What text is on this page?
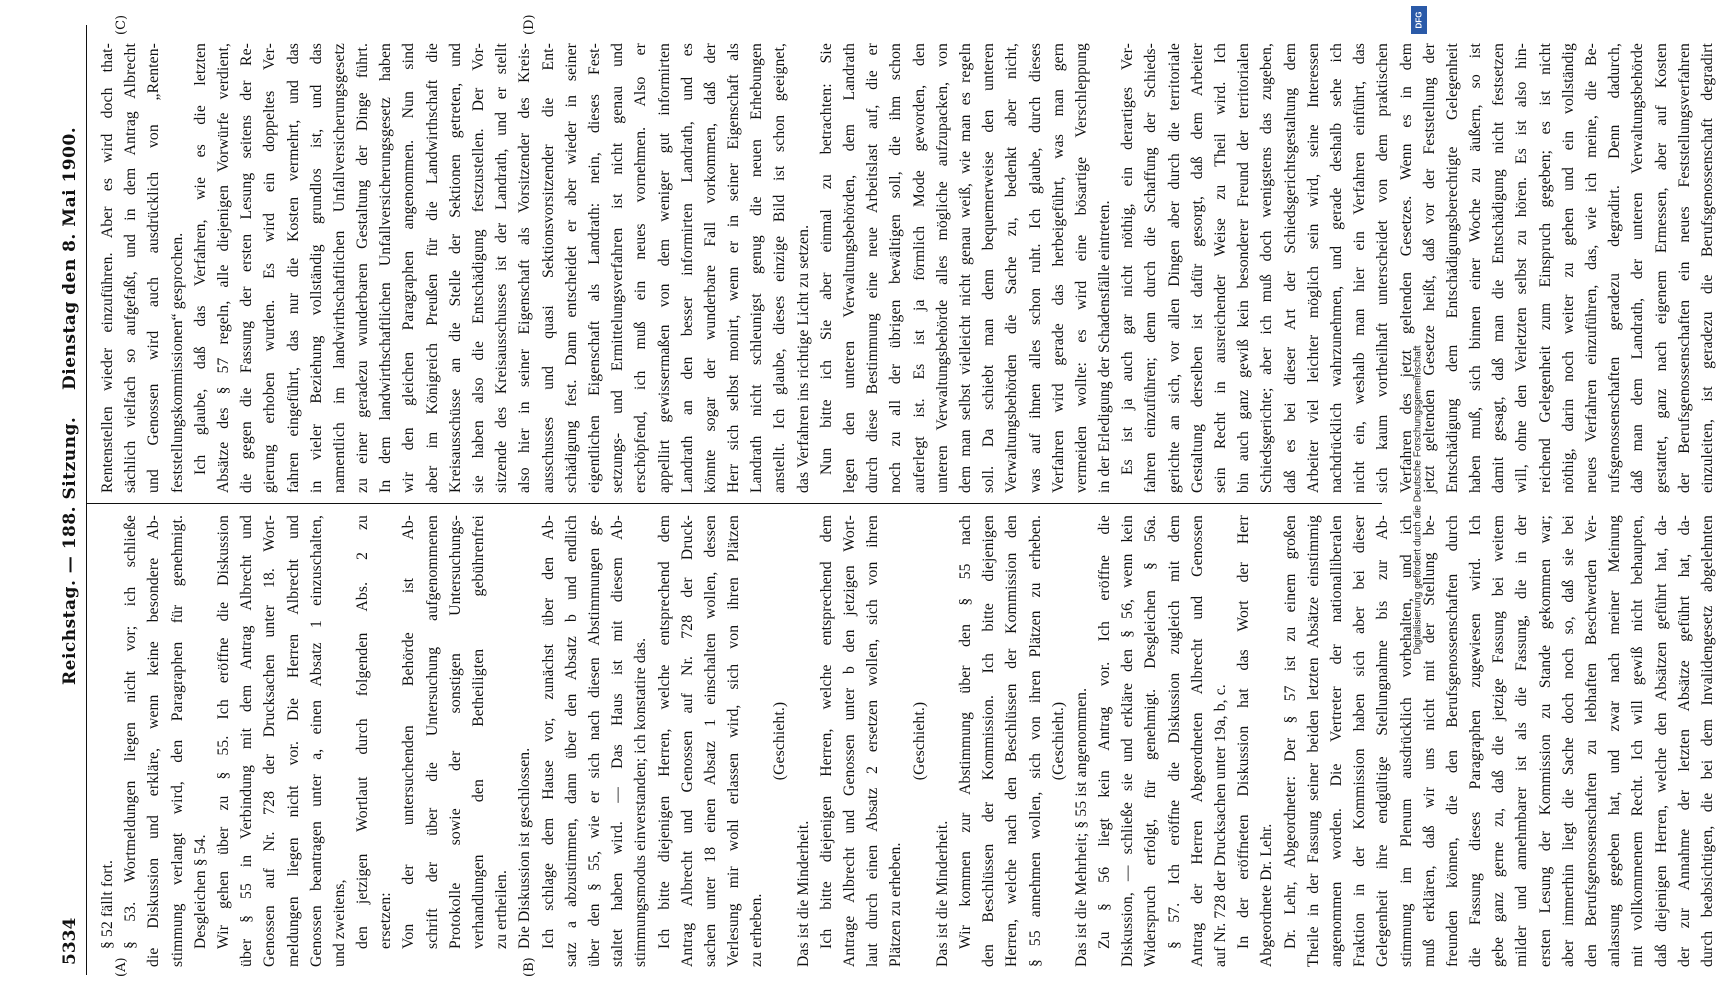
Digitalisierung gefördert durch die Deutsche Forschungsgemeinschaft
DFG
5334
Reichstag. — 188. Sitzung.
Dienstag den 8. Mai 1900.
(A)	(B)
(C)	(D)
§ 52 fällt fort. § 53. Wortmeldungen liegen nicht vor; ich schließe die Diskussion und erkläre, wenn keine besondere Ab- stimmung verlangt wird, den Paragraphen für genehmigt. Desgleichen § 54. Wir gehen über zu § 55. Ich eröffne die Diskussion über § 55 in Verbindung mit dem Antrag Albrecht und Genossen auf Nr. 728 der Drucksachen unter 18. Wort- meldungen liegen nicht vor. Die Herren Albrecht und Genossen beantragen unter a, einen Absatz 1 einzuschalten, und zweitens, den jetzigen Wortlaut durch folgenden Abs. 2 zu ersetzen: Von der untersuchenden Behörde ist Ab- schrift der über die Untersuchung aufgenommenen Protokolle sowie der sonstigen Untersuchungs- verhandlungen den Betheiligten gebührenfrei zu ertheilen. Die Diskussion ist geschlossen. Ich schlage dem Hause vor, zunächst über den Ab- satz a abzustimmen, dann über den Absatz b und endlich über den § 55, wie er sich nach diesen Abstimmungen ge- staltet haben wird. — Das Haus ist mit diesem Ab- stimmungsmodus einverstanden; ich konstatire das. Ich bitte diejenigen Herren, welche entsprechend dem Antrag Albrecht und Genossen auf Nr. 728 der Druck- sachen unter 18 einen Absatz 1 einschalten wollen, dessen Verlesung mir wohl erlassen wird, sich von ihren Plätzen zu erheben.
(Geschieht.)
Das ist die Minderheit. Ich bitte diejenigen Herren, welche entsprechend dem Antrage Albrecht und Genossen unter b den jetzigen Wort- laut durch einen Absatz 2 ersetzen wollen, sich von ihren Plätzen zu erheben.
(Geschieht.)
Das ist die Minderheit. Wir kommen zur Abstimmung über den § 55 nach den Beschlüssen der Kommission. Ich bitte diejenigen Herren, welche nach den Beschlüssen der Kommission den § 55 annehmen wollen, sich von ihren Plätzen zu erheben. (Geschieht.) Das ist die Mehrheit; § 55 ist angenommen. Zu § 56 liegt kein Antrag vor. Ich eröffne die Diskussion, — schließe sie und erkläre den § 56, wenn kein Widerspruch erfolgt, für genehmigt. Desgleichen § 56a. § 57. Ich eröffne die Diskussion zugleich mit dem Antrag der Herren Abgeordneten Albrecht und Genossen auf Nr. 728 der Drucksachen unter 19a, b, c. In der eröffneten Diskussion hat das Wort der Herr Abgeordnete Dr. Lehr. Dr. Lehr, Abgeordneter: Der § 57 ist zu einem großen Theile in der Fassung seiner beiden letzten Absätze einstimmig angenommen worden. Die Vertreter der nationalliberalen Fraktion in der Kommission haben sich aber bei dieser Gelegenheit ihre endgültige Stellungnahme bis zur Ab- stimmung im Plenum ausdrücklich vorbehalten, und ich muß erklären, daß wir uns nicht mit der Stellung be- freunden können, die den Berufsgenossenschaften durch die Fassung dieses Paragraphen zugewiesen wird. Ich gebe ganz gerne zu, daß die jetzige Fassung bei weitem milder und annehmbarer ist als die Fassung, die in der ersten Lesung der Kommission zu Stande gekommen war; aber immerhin liegt die Sache doch noch so, daß sie bei den Berufsgenossenschaften zu lebhaften Beschwerden Ver- anlassung gegeben hat, und zwar nach meiner Meinung mit vollkommenem Recht. Ich will gewiß nicht behaupten, daß diejenigen Herren, welche den Absätzen geführt hat, da- der zur Annahme der letzten Absätze geführt hat, da- durch beabsichtigen, die bei dem Invalidengesetz abgelehnten
Rentenstellen wieder einzuführen. Aber es wird doch that- sächlich vielfach so aufgefaßt, und in dem Antrag Albrecht und Genossen wird auch ausdrücklich von „Renten- feststellungskommissionen“ gesprochen. Ich glaube, daß das Verfahren, wie es die letzten Absätze des § 57 regeln, alle diejenigen Vorwürfe verdient, die gegen die Fassung der ersten Lesung seitens der Re- gierung erhoben wurden. Es wird ein doppeltes Ver- fahren eingeführt, das nur die Kosten vermehrt, und das in vieler Beziehung vollständig grundlos ist, und das namentlich im landwirthschaftlichen Unfallversicherungsgesetz zu einer geradezu wunderbaren Gestaltung der Dinge führt. In dem landwirthschaftlichen Unfallversicherungsgesetz haben wir den gleichen Paragraphen angenommen. Nun sind aber im Königreich Preußen für die Landwirthschaft die Kreisausschüsse an die Stelle der Sektionen getreten, und sie haben also die Entschädigung festzustellen. Der Vor- sitzende des Kreisausschusses ist der Landrath, und er stellt also hier in seiner Eigenschaft als Vorsitzender des Kreis- ausschusses und quasi Sektionsvorsitzender die Ent- schädigung fest. Dann entscheidet er aber wieder in seiner eigentlichen Eigenschaft als Landrath: nein, dieses Fest- setzungs- und Ermittelungsverfahren ist nicht genau und erschöpfend, ich muß ein neues vornehmen. Also er appellirt gewissermaßen von dem weniger gut informirten Landrath an den besser informirten Landrath, und es könnte sogar der wunderbare Fall vorkommen, daß der Herr sich selbst monirt, wenn er in seiner Eigenschaft als Landrath nicht schleunigst genug die neuen Erhebungen anstellt. Ich glaube, dieses einzige Bild ist schon geeignet, das Verfahren ins richtige Licht zu setzen. Nun bitte ich Sie aber einmal zu betrachten: Sie legen den unteren Verwaltungsbehörden, dem Landrath durch diese Bestimmung eine neue Arbeitslast auf, die er noch zu all der übrigen bewältigen soll, die ihm schon auferlegt ist. Es ist ja förmlich Mode geworden, den unteren Verwaltungsbehörde alles mögliche aufzupacken, von dem man selbst vielleicht nicht genau weiß, wie man es regeln soll. Da schiebt man denn bequemerweise den unteren Verwaltungsbehörden die Sache zu, bedenkt aber nicht, was auf ihnen alles schon ruht. Ich glaube, durch dieses Verfahren wird gerade das herbeigeführt, was man gern vermeiden wollte: es wird eine bösartige Verschleppung in der Erledigung der Schadensfälle eintreten. Es ist ja auch gar nicht nöthig, ein derartiges Ver- fahren einzuführen; denn durch die Schaffung der Schieds- gerichte an sich, vor allen Dingen aber durch die territoriale Gestaltung derselben ist dafür gesorgt, daß dem Arbeiter sein Recht in ausreichender Weise zu Theil wird. Ich bin auch ganz gewiß kein besonderer Freund der territorialen Schiedsgerichte; aber ich muß doch wenigstens das zugeben, daß es bei dieser Art der Schiedsgerichtsgestaltung dem Arbeiter viel leichter möglich sein wird, seine Interessen nachdrücklich wahrzunehmen, und gerade deshalb sehe ich nicht ein, weshalb man hier ein Verfahren einführt, das sich kaum vortheilhaft unterscheidet von dem praktischen Verfahren des jetzt geltenden Gesetzes. Wenn es in dem jetzt geltenden Gesetze heißt, daß vor der Feststellung der Entschädigung dem Entschädigungsberechtigte Gelegenheit haben muß, sich binnen einer Woche zu äußern, so ist damit gesagt, daß man die Entschädigung nicht festsetzen will, ohne den Verletzten selbst zu hören. Es ist also hin- reichend Gelegenheit zum Einspruch gegeben; es ist nicht nöthig, darin noch weiter zu gehen und ein vollständig neues Verfahren einzuführen, das, wie ich meine, die Be- rufsgenossenschaften geradezu degradirt. Denn dadurch, daß man dem Landrath, der unteren Verwaltungsbehörde gestattet, ganz nach eigenem Ermessen, aber auf Kosten der Berufsgenossenschaften ein neues Feststellungsverfahren einzuleiten, ist geradezu die Berufsgenossenschaft degradirt
